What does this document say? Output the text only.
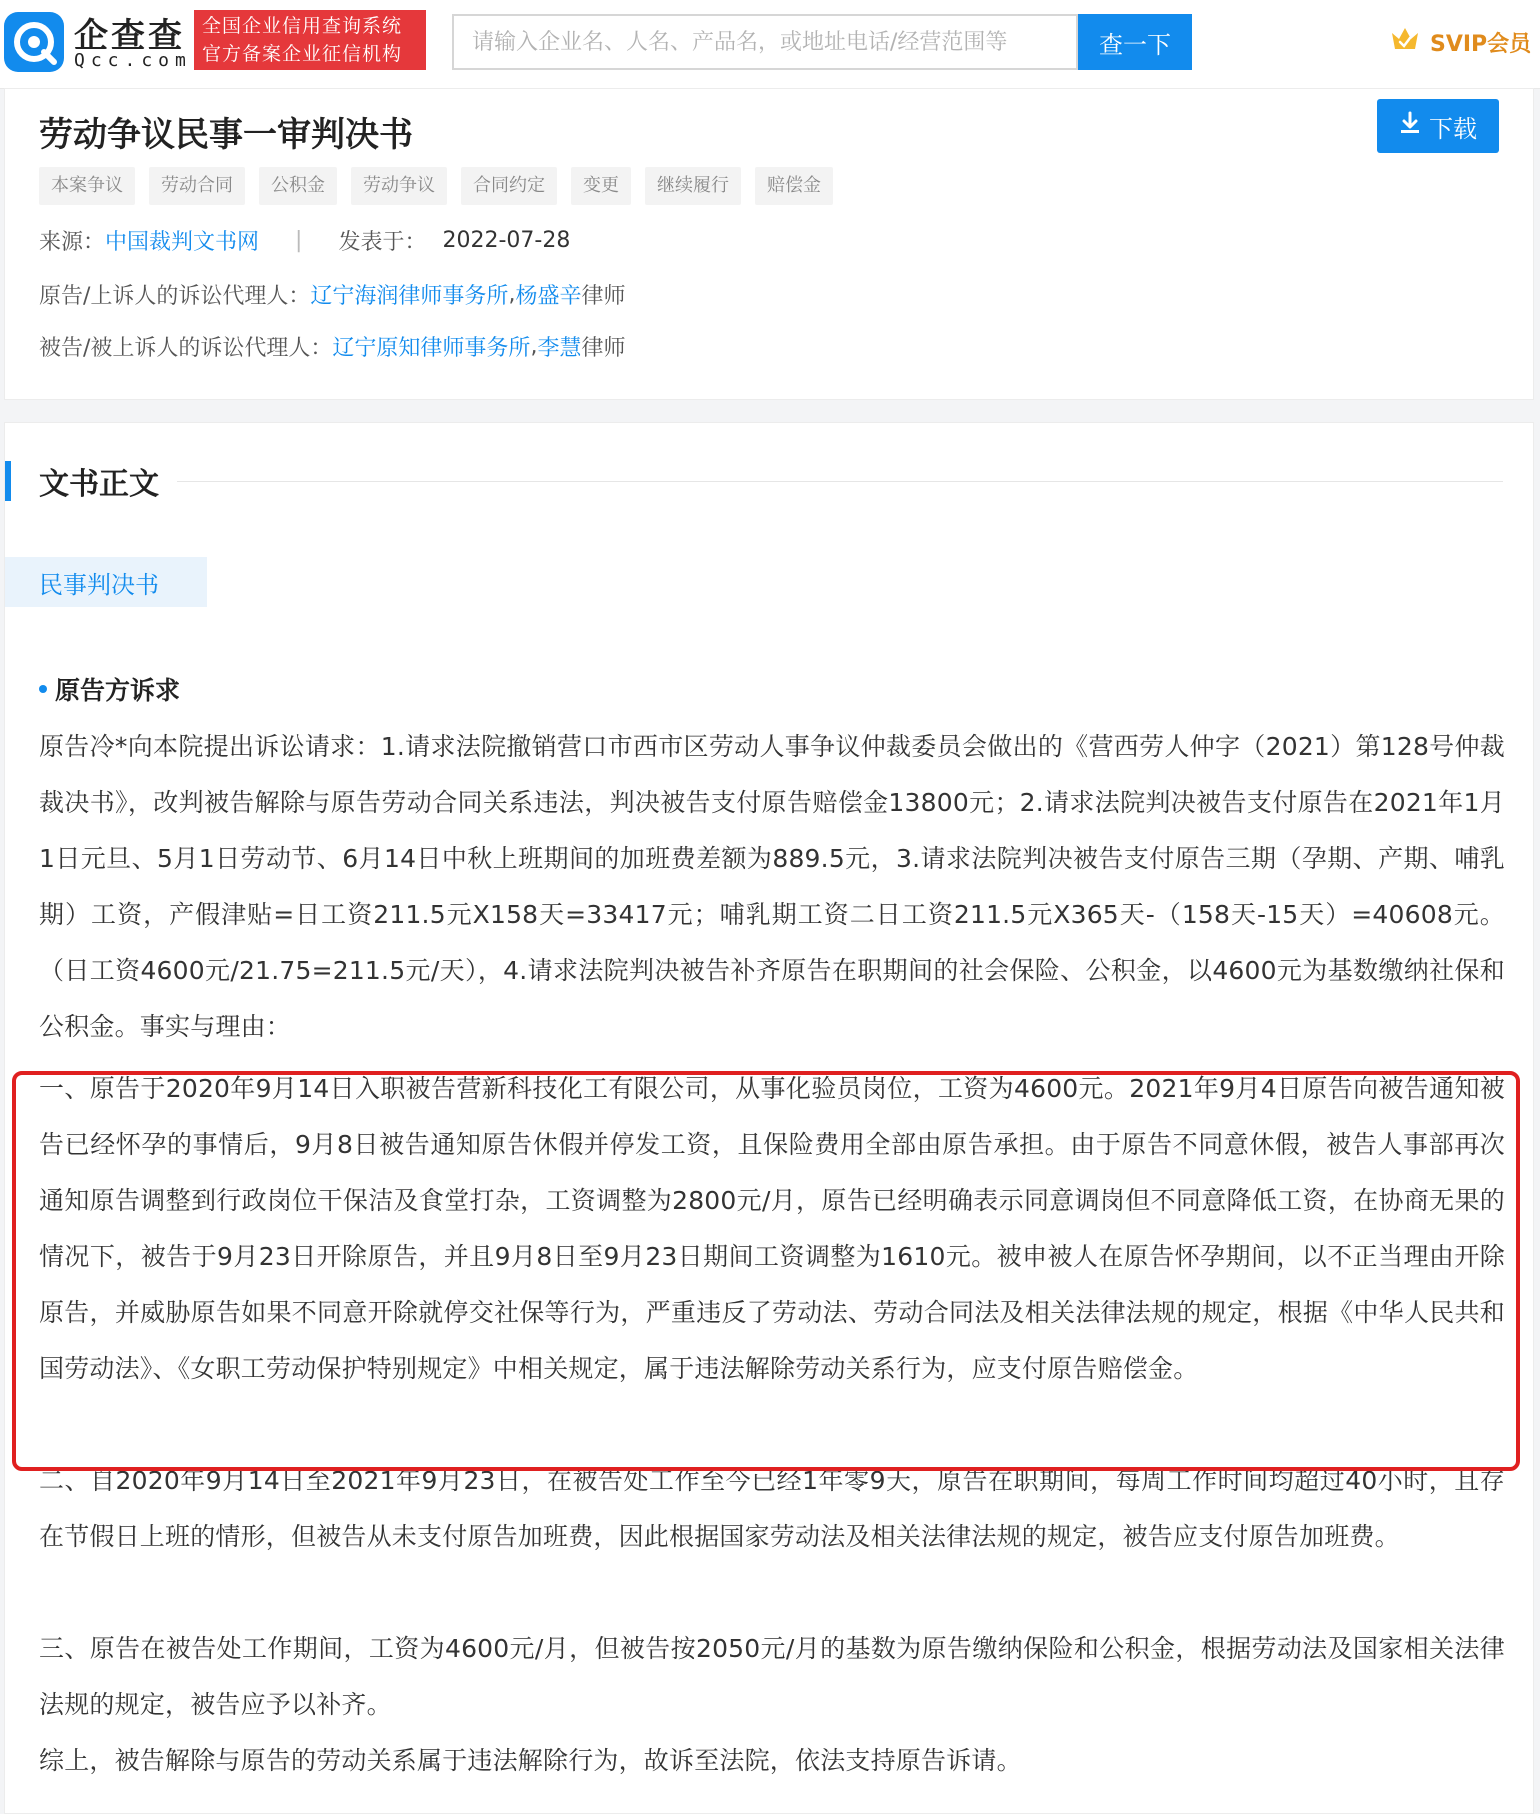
企查查
Qcc.com
全国企业信用查询系统
官方备案企业征信机构
请输入企业名、人名、产品名，或地址电话/经营范围等	查一下	SVIP会员
劳动争议民事一审判决书	下载
本案争议	劳动合同	公积金	劳动争议	合同约定	变更	继续履行	赔偿金
来源： 中国裁判文书网 | 发表于： 2022-07-28
原告/上诉人的诉讼代理人： 辽宁海润律师事务所 , 杨盛辛 律师
被告/被上诉人的诉讼代理人： 辽宁原知律师事务所 , 李慧 律师
文书正文
民事判决书
原告方诉求

原告冷*向本院提出诉讼请求：1.请求法院撤销营口市西市区劳动人事争议仲裁委员会做出的《营西劳人仲字（2021）第128号仲裁裁决书》，改判被告解除与原告劳动合同关系违法，判决被告支付原告赔偿金13800元；2.请求法院判决被告支付原告在2021年1月1日元旦、5月1日劳动节、6月14日中秋上班期间的加班费差额为889.5元，3.请求法院判决被告支付原告三期（孕期、产期、哺乳期）工资，产假津贴=日工资211.5元X158天=33417元；哺乳期工资二日工资211.5元X365天-（158天-15天）=40608元。（日工资4600元/21.75=211.5元/天），4.请求法院判决被告补齐原告在职期间的社会保险、公积金，以4600元为基数缴纳社保和公积金。事实与理由：

一、原告于2020年9月14日入职被告营新科技化工有限公司，从事化验员岗位，工资为4600元。2021年9月4日原告向被告通知被告已经怀孕的事情后，9月8日被告通知原告休假并停发工资，且保险费用全部由原告承担。由于原告不同意休假，被告人事部再次通知原告调整到行政岗位干保洁及食堂打杂，工资调整为2800元/月，原告已经明确表示同意调岗但不同意降低工资，在协商无果的情况下，被告于9月23日开除原告，并且9月8日至9月23日期间工资调整为1610元。被申被人在原告怀孕期间，以不正当理由开除原告，并威胁原告如果不同意开除就停交社保等行为，严重违反了劳动法、劳动合同法及相关法律法规的规定，根据《中华人民共和国劳动法》、《女职工劳动保护特别规定》中相关规定，属于违法解除劳动关系行为，应支付原告赔偿金。

二、自2020年9月14日至2021年9月23日，在被告处工作至今已经1年零9天，原告在职期间，每周工作时间均超过40小时，且存在节假日上班的情形，但被告从未支付原告加班费，因此根据国家劳动法及相关法律法规的规定，被告应支付原告加班费。

三、原告在被告处工作期间，工资为4600元/月，但被告按2050元/月的基数为原告缴纳保险和公积金，根据劳动法及国家相关法律法规的规定，被告应予以补齐。

综上，被告解除与原告的劳动关系属于违法解除行为，故诉至法院，依法支持原告诉请。
